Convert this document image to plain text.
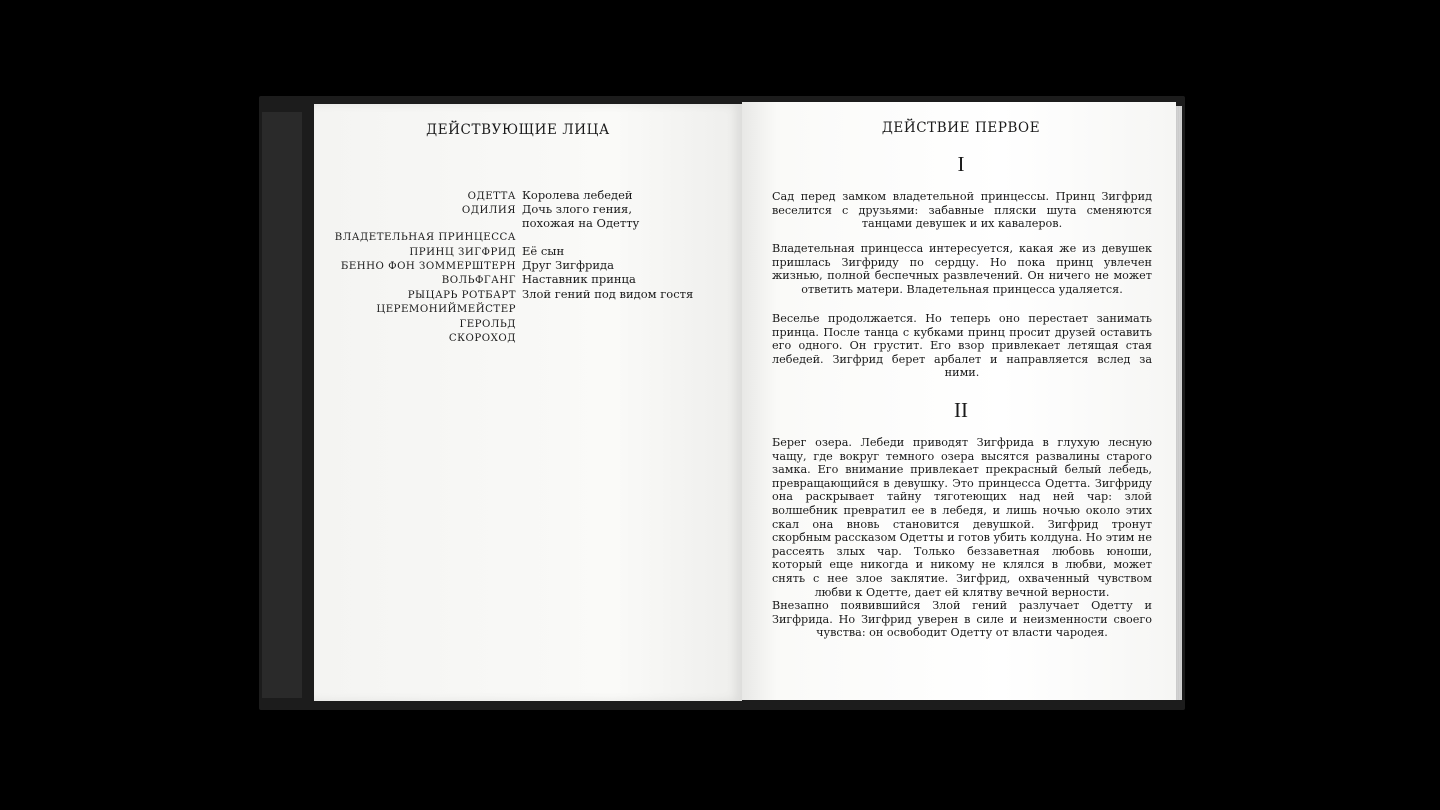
ДЕЙСТВУЮЩИЕ ЛИЦА
ОДЕТТА Королева лебедей
ОДИЛИЯ Дочь злого гения, похожая на Одетту
ВЛАДЕТЕЛЬНАЯ ПРИНЦЕССА
ПРИНЦ ЗИГФРИД Её сын
БЕННО ФОН ЗОММЕРШТЕРН Друг Зигфрида
ВОЛЬФГАНГ Наставник принца
РЫЦАРЬ РОТБАРТ Злой гений под видом гостя
ЦЕРЕМОНИЙМЕЙСТЕР
ГЕРОЛЬД
СКОРОХОД
ДЕЙСТВИЕ ПЕРВОЕ
I
Сад перед замком владетельной принцессы. Принц Зигфрид веселится с друзьями: забавные пляски шута сменяются танцами девушек и их кавалеров.
Владетельная принцесса интересуется, какая же из девушек пришлась Зигфриду по сердцу. Но пока принц увлечен жизнью, полной беспечных развлечений. Он ничего не может ответить матери. Владетельная принцесса удаляется.
Веселье продолжается. Но теперь оно перестает занимать принца. После танца с кубками принц просит друзей оставить его одного. Он грустит. Его взор привлекает летящая стая лебедей. Зигфрид берет арбалет и направляется вслед за ними.
II
Берег озера. Лебеди приводят Зигфрида в глухую лесную чащу, где вокруг темного озера высятся развалины старого замка. Его внимание привлекает прекрасный белый лебедь, превращающийся в девушку. Это принцесса Одетта. Зигфриду она раскрывает тайну тяготеющих над ней чар: злой волшебник превратил ее в лебедя, и лишь ночью около этих скал она вновь становится девушкой. Зигфрид тронут скорбным рассказом Одетты и готов убить колдуна. Но этим не рассеять злых чар. Только беззаветная любовь юноши, который еще никогда и никому не клялся в любви, может снять с нее злое заклятие. Зигфрид, охваченный чувством любви к Одетте, дает ей клятву вечной верности.
Внезапно появившийся Злой гений разлучает Одетту и Зигфрида. Но Зигфрид уверен в силе и неизменности своего чувства: он освободит Одетту от власти чародея.
